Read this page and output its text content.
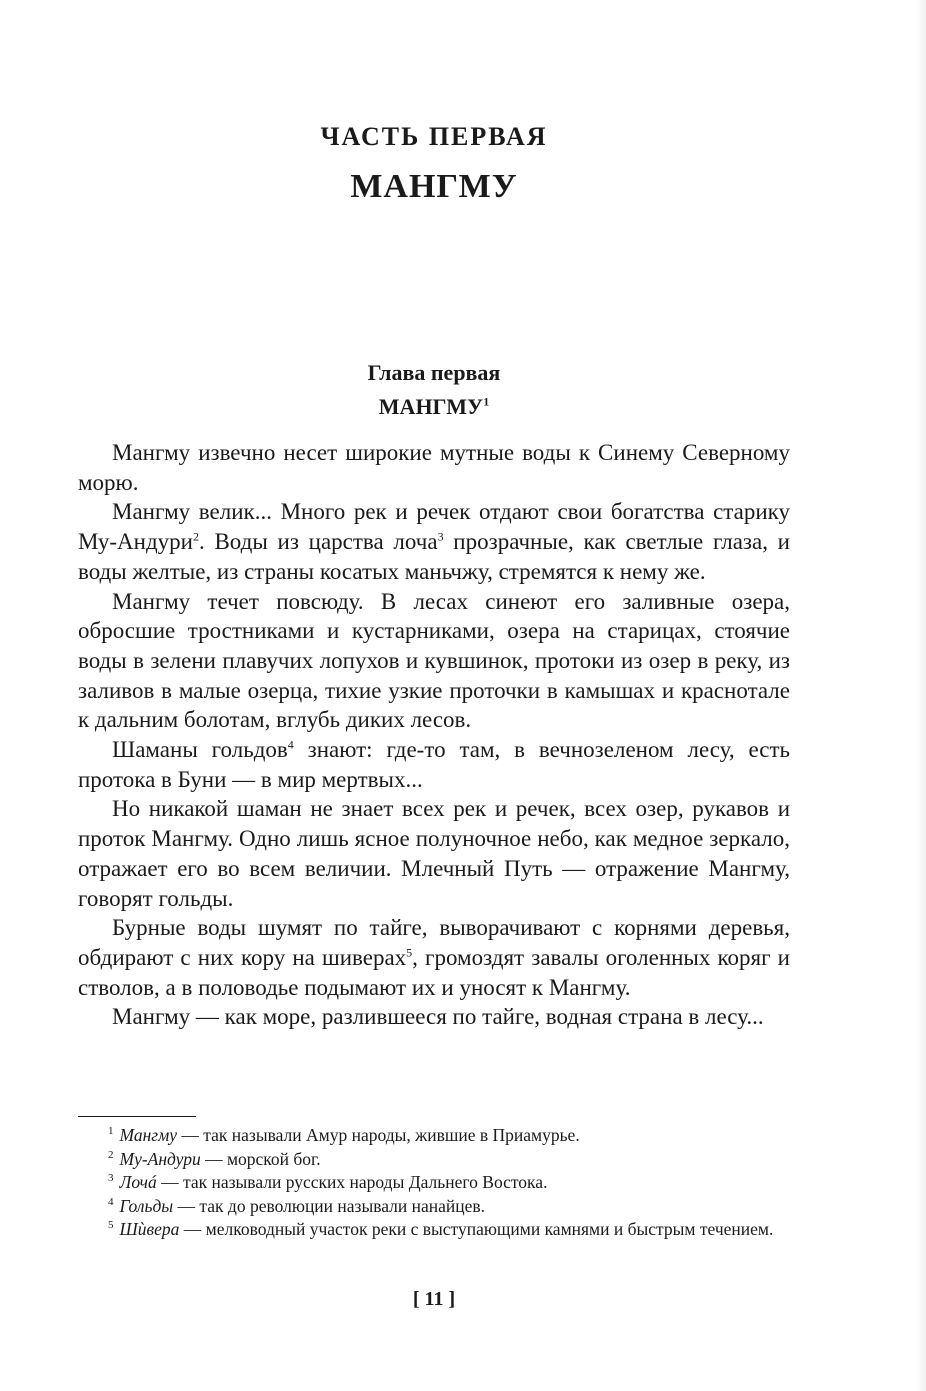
ЧАСТЬ ПЕРВАЯ
МАНГМУ
Глава первая
МАНГМУ$^1$

Мангму извечно несет широкие мутные воды к Синему Северному морю.

Мангму велик... Много рек и речек отдают свои богатства старику Му-Андури$^2$. Воды из царства лоча$^3$ прозрачные, как светлые глаза, и воды желтые, из страны косатых маньчжу, стремятся к нему же.

Мангму течет повсюду. В лесах синеют его заливные озера, обросшие тростниками и кустарниками, озера на старицах, стоячие воды в зелени плавучих лопухов и кувшинок, протоки из озер в реку, из заливов в малые озерца, тихие узкие проточки в камышах и краснотале к дальним болотам, вглубь диких лесов.

Шаманы гольдов$^4$ знают: где-то там, в вечнозеленом лесу, есть протока в Буни — в мир мертвых...

Но никакой шаман не знает всех рек и речек, всех озер, рукавов и проток Мангму. Одно лишь ясное полуночное небо, как медное зеркало, отражает его во всем величии. Млечный Путь — отражение Мангму, говорят гольды.

Бурные воды шумят по тайге, выворачивают с корнями деревья, обдирают с них кору на шиверах$^5$, громоздят завалы оголенных коряг и стволов, а в половодье подымают их и уносят к Мангму.

Мангму — как море, разлившееся по тайге, водная страна в лесу...

$^1$ Мангму — так называли Амур народы, жившие в Приамурье.

$^2$ Му-Андури — морской бог.

$^3$ Лочá — так называли русских народы Дальнего Востока.

$^4$ Гольды — так до революции называли нанайцев.

$^5$ Шѝвера — мелководный участок реки с выступающими камнями и быстрым течением.

[ 11 ]
